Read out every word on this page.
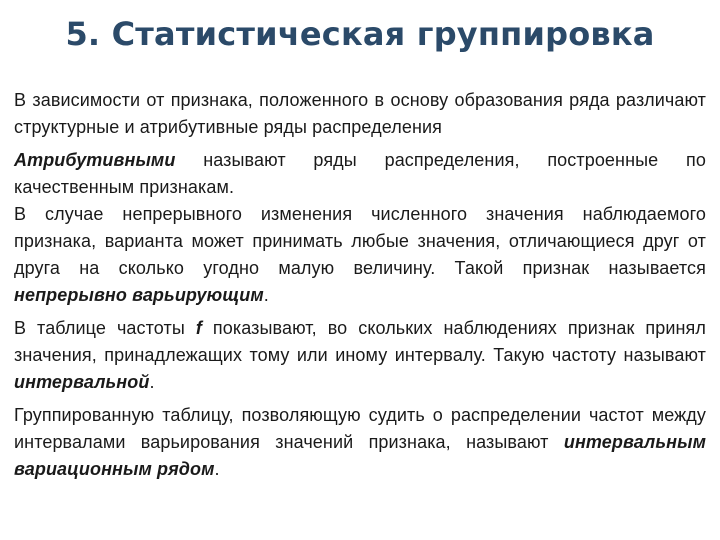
5. Статистическая группировка

В зависимости от признака, положенного в основу образования ряда различают структурные и атрибутивные ряды распределения

Атрибутивными называют ряды распределения, построенные по качественным признакам.

В случае непрерывного изменения численного значения наблюдаемого признака, варианта может принимать любые значения, отличающиеся друг от друга на сколько угодно малую величину. Такой признак называется непрерывно варьирующим.

В таблице частоты f показывают, во скольких наблюдениях признак принял значения, принадлежащих тому или иному интервалу. Такую частоту называют интервальной.

Группированную таблицу, позволяющую судить о распределении частот между интервалами варьирования значений признака, называют интервальным вариационным рядом.
